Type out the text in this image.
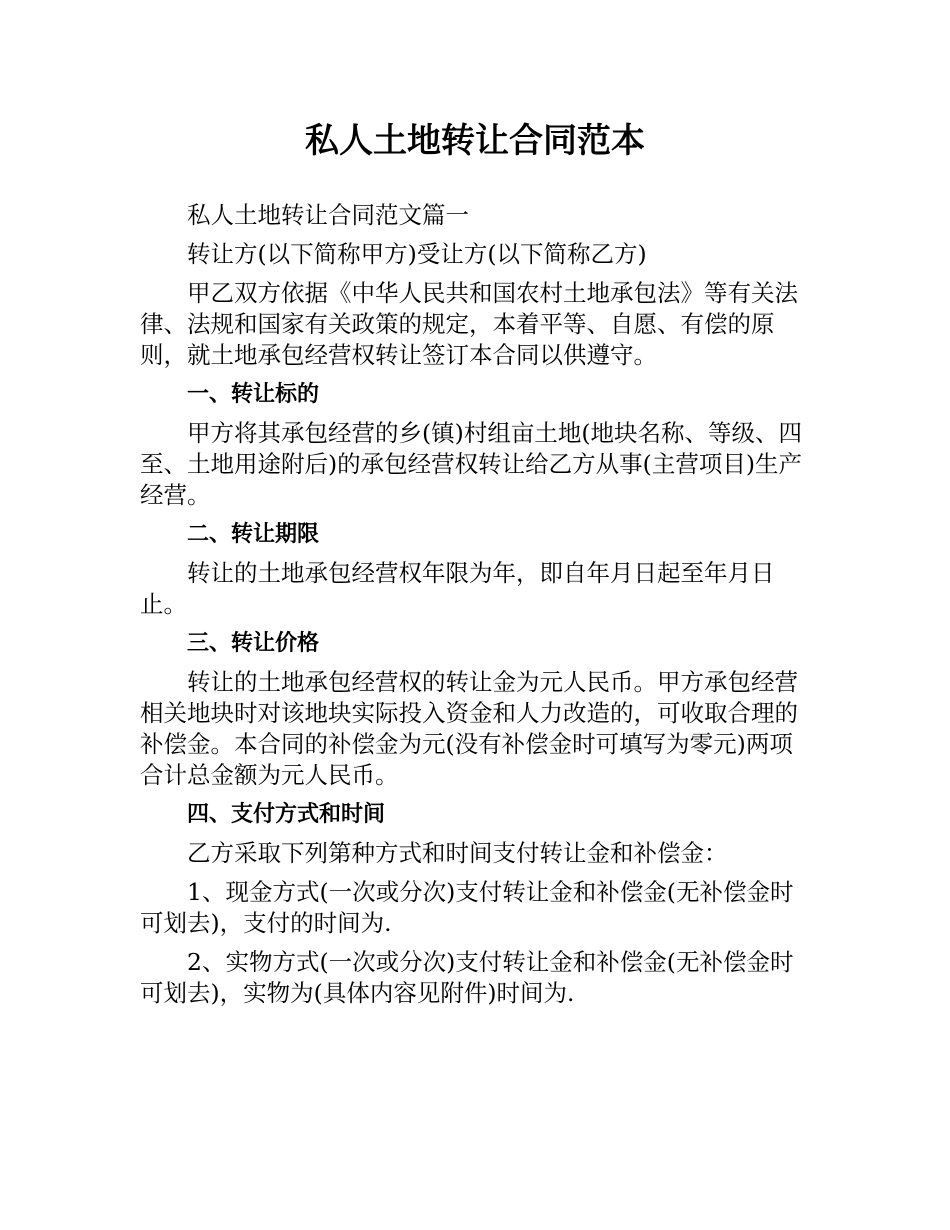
私人土地转让合同范本

私人土地转让合同范文篇一

转让方(以下简称甲方)受让方(以下简称乙方)

甲乙双方依据《中华人民共和国农村土地承包法》等有关法律、法规和国家有关政策的规定，本着平等、自愿、有偿的原则，就土地承包经营权转让签订本合同以供遵守。

一、转让标的

甲方将其承包经营的乡(镇)村组亩土地(地块名称、等级、四至、土地用途附后)的承包经营权转让给乙方从事(主营项目)生产经营。

二、转让期限

转让的土地承包经营权年限为年，即自年月日起至年月日止。

三、转让价格

转让的土地承包经营权的转让金为元人民币。甲方承包经营相关地块时对该地块实际投入资金和人力改造的，可收取合理的补偿金。本合同的补偿金为元(没有补偿金时可填写为零元)两项合计总金额为元人民币。

四、支付方式和时间

乙方采取下列第种方式和时间支付转让金和补偿金：

1、现金方式(一次或分次)支付转让金和补偿金(无补偿金时可划去)，支付的时间为.

2、实物方式(一次或分次)支付转让金和补偿金(无补偿金时可划去)，实物为(具体内容见附件)时间为.
